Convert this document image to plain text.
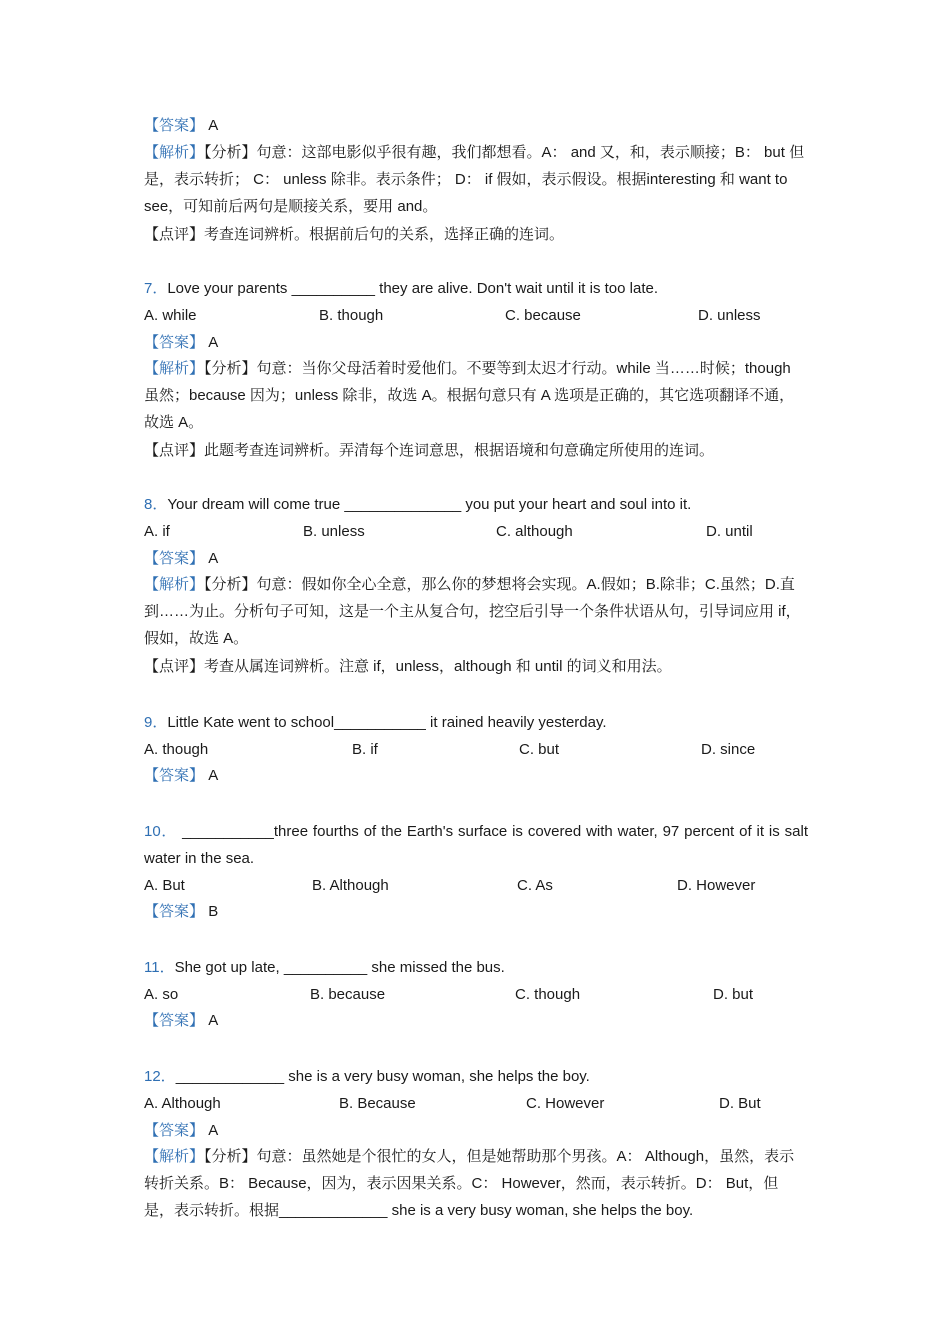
【答案】 A
【解析】【分析】句意：这部电影似乎很有趣，我们都想看。A： and 又，和，表示顺接；B： but 但是，表示转折； C： unless 除非。表示条件； D： if 假如，表示假设。根据interesting 和 want to see，可知前后两句是顺接关系，要用 and。
【点评】考查连词辨析。根据前后句的关系，选择正确的连词。
7．Love your parents __________ they are alive. Don't wait until it is too late.
A. while	B. though	C. because	D. unless
【答案】 A
【解析】【分析】句意：当你父母活着时爱他们。不要等到太迟才行动。while 当……时候；though 虽然；because 因为；unless 除非，故选 A。根据句意只有 A 选项是正确的，其它选项翻译不通，故选 A。
【点评】此题考查连词辨析。弄清每个连词意思，根据语境和句意确定所使用的连词。
8．Your dream will come true ______________ you put your heart and soul into it.
A. if	B. unless	C. although	D. until
【答案】 A
【解析】【分析】句意：假如你全心全意，那么你的梦想将会实现。A.假如；B.除非；C.虽然；D.直到……为止。分析句子可知，这是一个主从复合句，挖空后引导一个条件状语从句，引导词应用 if，假如，故选 A。
【点评】考查从属连词辨析。注意 if，unless，although 和 until 的词义和用法。
9．Little Kate went to school___________ it rained heavily yesterday.
A. though	B. if	C. but	D. since
【答案】 A
10． ___________three fourths of the Earth's surface is covered with water, 97 percent of it is salt water in the sea.
A. But	B. Although	C. As	D. However
【答案】 B
11．She got up late, __________ she missed the bus.
A. so	B. because	C. though	D. but
【答案】 A
12．_____________ she is a very busy woman, she helps the boy.
A. Although	B. Because	C. However	D. But
【答案】 A
【解析】【分析】句意：虽然她是个很忙的女人，但是她帮助那个男孩。A： Although，虽然，表示转折关系。B： Because，因为，表示因果关系。C： However，然而，表示转折。D： But，但是，表示转折。根据_____________ she is a very busy woman, she helps the boy.
